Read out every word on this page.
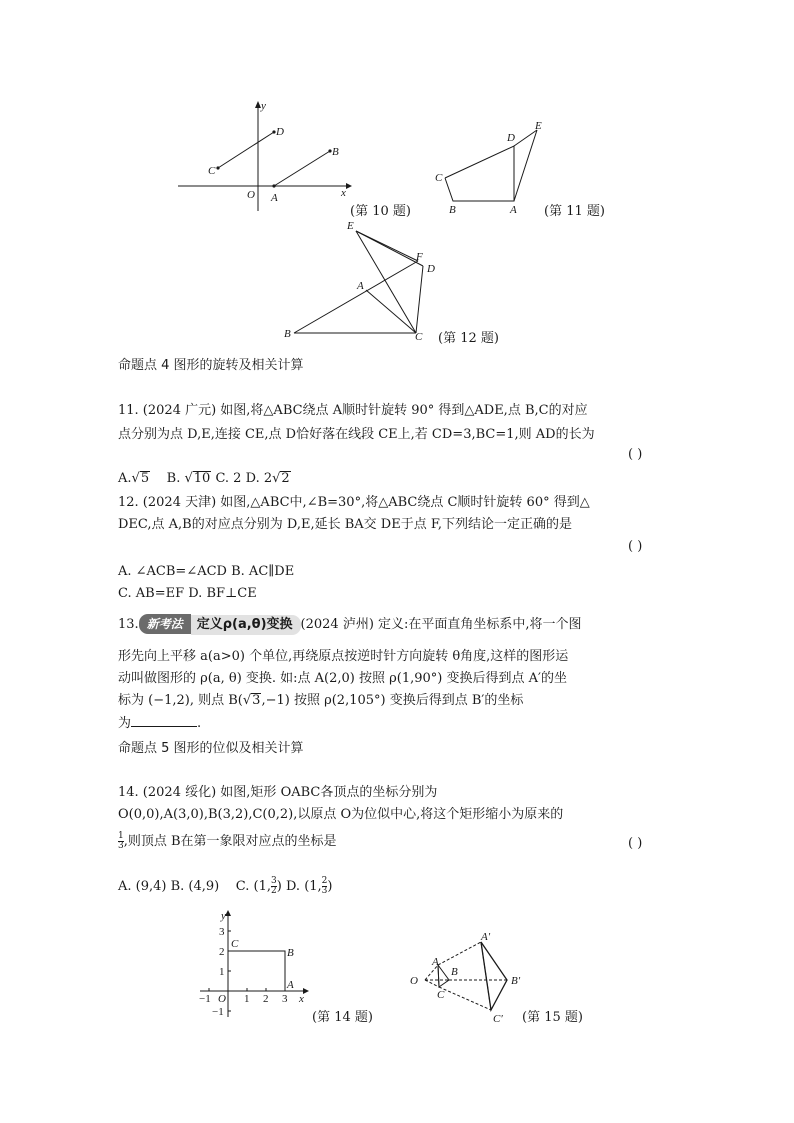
y
x
O A
B
C
D
(第 10 题)	A
B
C
D
E
(第 11 题)
E
F
D
A
B	C (第 12 题)
命题点 4 图形的旋转及相关计算
11. (2024 广元) 如图,将△ABC绕点 A顺时针旋转 90° 得到△ADE,点 B,C的对应
点分别为点 D,E,连接 CE,点 D恰好落在线段 CE上,若 CD=3,BC=1,则 AD的长为
( )
A.√5 B. √10 C. 2 D. 2√2
12. (2024 天津) 如图,△ABC中,∠B=30°,将△ABC绕点 C顺时针旋转 60° 得到△
DEC,点 A,B的对应点分别为 D,E,延长 BA交 DE于点 F,下列结论一定正确的是
( )
A. ∠ACB=∠ACD B. AC∥DE
C. AB=EF D. BF⊥CE
13. 新考法 定义ρ(a,θ)变换 (2024 泸州) 定义:在平面直角坐标系中,将一个图
形先向上平移 a(a>0) 个单位,再绕原点按逆时针方向旋转 θ角度,这样的图形运
动叫做图形的 ρ(a, θ) 变换. 如:点 A(2,0) 按照 ρ(1,90°) 变换后得到点 A′的坐
标为 (−1,2), 则点 B(√3,−1) 按照 ρ(2,105°) 变换后得到点 B′的坐标
为	.
命题点 5 图形的位似及相关计算
14. (2024 绥化) 如图,矩形 OABC各顶点的坐标分别为
O(0,0),A(3,0),B(3,2),C(0,2),以原点 O为位似中心,将这个矩形缩小为原来的
$\frac{1}{3}$ ,则顶点 B在第一象限对应点的坐标是	( )
A. (9,4) B. (4,9) C. (1, $\frac{3}{2}$ ) D. (1, $\frac{2}{3}$ )
y
x
O
A
B
C
−1	1 2 3
3
2
1
−1	(第 14 题)
O
A
B
C
A′
B′
C′ (第 15 题)
